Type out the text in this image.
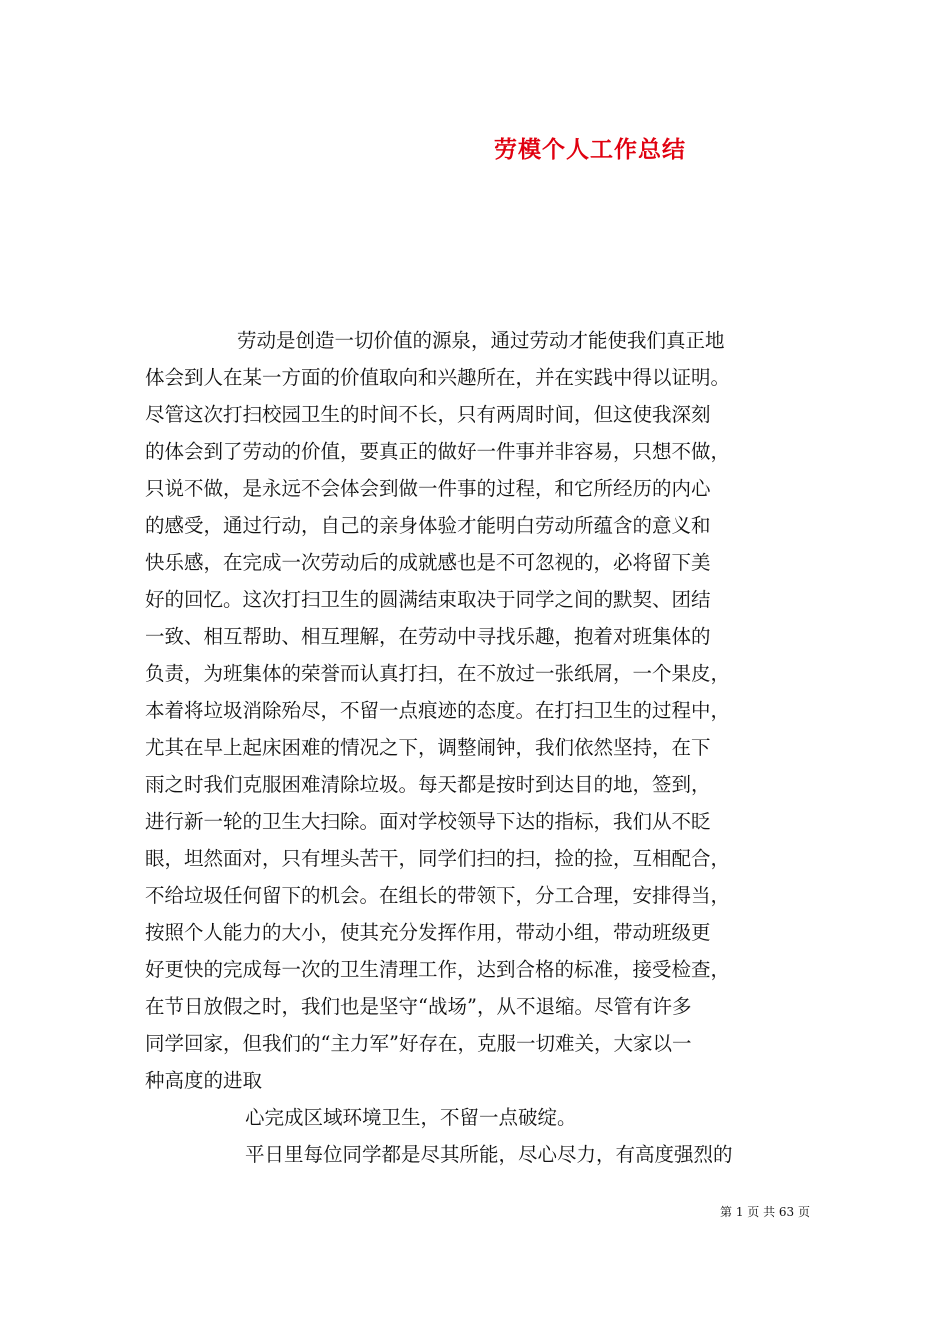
劳模个人工作总结
劳动是创造一切价值的源泉，通过劳动才能使我们真正地
体会到人在某一方面的价值取向和兴趣所在，并在实践中得以证明。
尽管这次打扫校园卫生的时间不长，只有两周时间，但这使我深刻
的体会到了劳动的价值，要真正的做好一件事并非容易，只想不做，
只说不做，是永远不会体会到做一件事的过程，和它所经历的内心
的感受，通过行动，自己的亲身体验才能明白劳动所蕴含的意义和
快乐感，在完成一次劳动后的成就感也是不可忽视的，必将留下美
好的回忆。这次打扫卫生的圆满结束取决于同学之间的默契、团结
一致、相互帮助、相互理解，在劳动中寻找乐趣，抱着对班集体的
负责，为班集体的荣誉而认真打扫，在不放过一张纸屑，一个果皮，
本着将垃圾消除殆尽，不留一点痕迹的态度。在打扫卫生的过程中，
尤其在早上起床困难的情况之下，调整闹钟，我们依然坚持，在下
雨之时我们克服困难清除垃圾。每天都是按时到达目的地，签到，
进行新一轮的卫生大扫除。面对学校领导下达的指标，我们从不眨
眼，坦然面对，只有埋头苦干，同学们扫的扫，捡的捡，互相配合，
不给垃圾任何留下的机会。在组长的带领下，分工合理，安排得当，
按照个人能力的大小，使其充分发挥作用，带动小组，带动班级更
好更快的完成每一次的卫生清理工作，达到合格的标准，接受检查，
在节日放假之时，我们也是坚守“战场”，从不退缩。尽管有许多
同学回家，但我们的“主力军”好存在，克服一切难关，大家以一
种高度的进取
心完成区域环境卫生，不留一点破绽。
平日里每位同学都是尽其所能，尽心尽力，有高度强烈的
第 1 页 共 63 页
